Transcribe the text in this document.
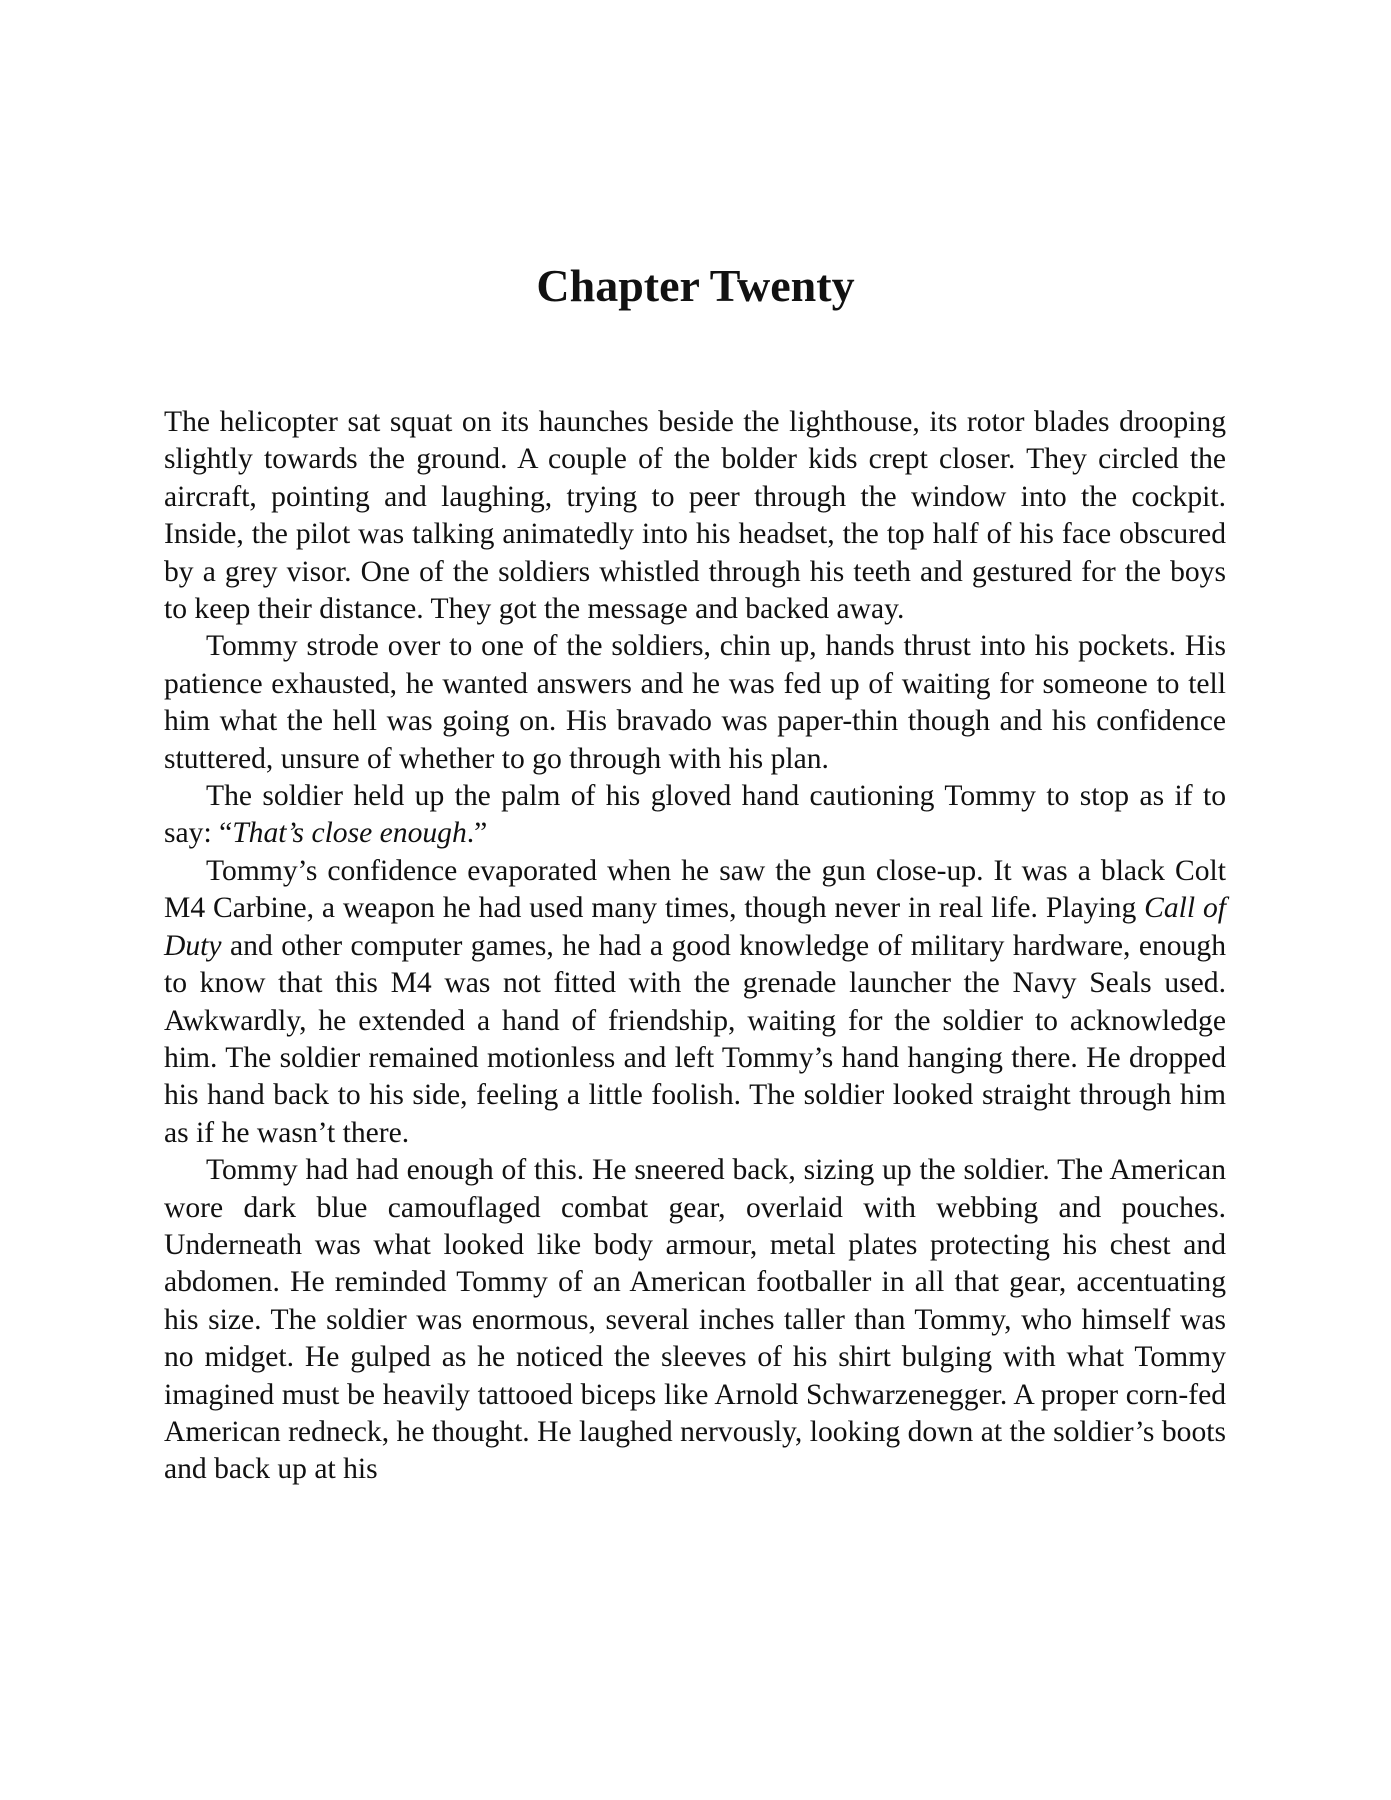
Chapter Twenty

The helicopter sat squat on its haunches beside the lighthouse, its rotor blades drooping slightly towards the ground. A couple of the bolder kids crept closer. They circled the aircraft, pointing and laughing, trying to peer through the window into the cockpit. Inside, the pilot was talking animatedly into his headset, the top half of his face obscured by a grey visor. One of the soldiers whistled through his teeth and gestured for the boys to keep their distance. They got the message and backed away.

Tommy strode over to one of the soldiers, chin up, hands thrust into his pockets. His patience exhausted, he wanted answers and he was fed up of waiting for someone to tell him what the hell was going on. His bravado was paper-thin though and his confidence stuttered, unsure of whether to go through with his plan.

The soldier held up the palm of his gloved hand cautioning Tommy to stop as if to say: “That’s close enough.”

Tommy’s confidence evaporated when he saw the gun close-up. It was a black Colt M4 Carbine, a weapon he had used many times, though never in real life. Playing Call of Duty and other computer games, he had a good knowledge of military hardware, enough to know that this M4 was not fitted with the grenade launcher the Navy Seals used. Awkwardly, he extended a hand of friendship, waiting for the soldier to acknowledge him. The soldier remained motionless and left Tommy’s hand hanging there. He dropped his hand back to his side, feeling a little foolish. The soldier looked straight through him as if he wasn’t there.

Tommy had had enough of this. He sneered back, sizing up the soldier. The American wore dark blue camouflaged combat gear, overlaid with webbing and pouches. Underneath was what looked like body armour, metal plates protecting his chest and abdomen. He reminded Tommy of an American footballer in all that gear, accentuating his size. The soldier was enormous, several inches taller than Tommy, who himself was no midget. He gulped as he noticed the sleeves of his shirt bulging with what Tommy imagined must be heavily tattooed biceps like Arnold Schwarzenegger. A proper corn-fed American redneck, he thought. He laughed nervously, looking down at the soldier’s boots and back up at his
